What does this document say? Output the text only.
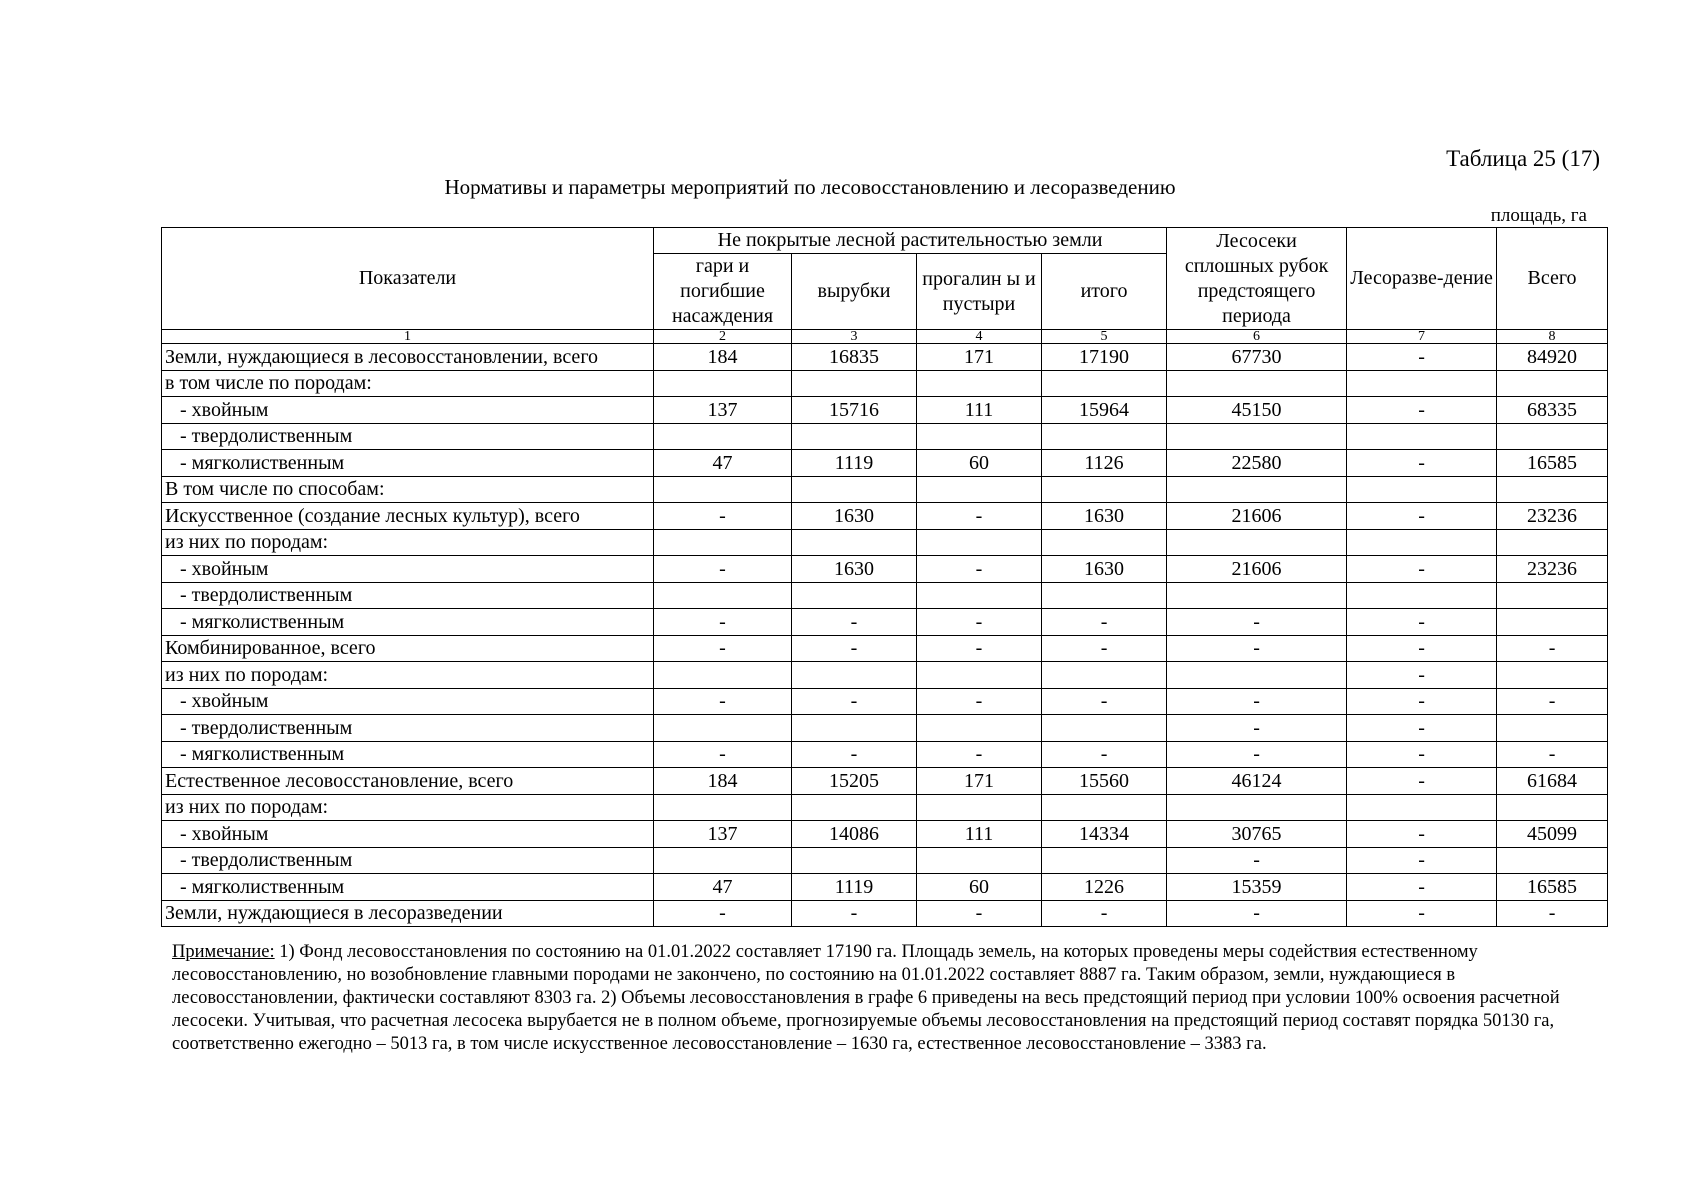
Таблица 25 (17)
Нормативы и параметры мероприятий по лесовосстановлению и лесоразведению
площадь, га
Показатели	Не покрытые лесной растительностью земли				Лесосеки сплошных рубок предстоящего периода	Лесоразве-дение	Всего
	гари и погибшие насаждения	вырубки	прогалин ы и пустыри	итого			
1	2	3	4	5	6	7	8
Земли, нуждающиеся в лесовосстановлении, всего	184	16835	171	17190	67730	-	84920
в том числе по породам:							
- хвойным	137	15716	111	15964	45150	-	68335
- твердолиственным							
- мягколиственным	47	1119	60	1126	22580	-	16585
В том числе по способам:							
Искусственное (создание лесных культур), всего	-	1630	-	1630	21606	-	23236
из них по породам:							
- хвойным	-	1630	-	1630	21606	-	23236
- твердолиственным							
- мягколиственным	-	-	-	-	-	-	
Комбинированное, всего	-	-	-	-	-	-	-
из них по породам:						-	
- хвойным	-	-	-	-	-	-	-
- твердолиственным					-	-	
- мягколиственным	-	-	-	-	-	-	-
Естественное лесовосстановление, всего	184	15205	171	15560	46124	-	61684
из них по породам:							
- хвойным	137	14086	111	14334	30765	-	45099
- твердолиственным					-	-	
- мягколиственным	47	1119	60	1226	15359	-	16585
Земли, нуждающиеся в лесоразведении	-	-	-	-	-	-	-
Примечание: 1) Фонд лесовосстановления по состоянию на 01.01.2022 составляет 17190 га. Площадь земель, на которых проведены меры содействия естественному лесовосстановлению, но возобновление главными породами не закончено, по состоянию на 01.01.2022 составляет 8887 га. Таким образом, земли, нуждающиеся в лесовосстановлении, фактически составляют 8303 га. 2) Объемы лесовосстановления в графе 6 приведены на весь предстоящий период при условии 100% освоения расчетной лесосеки. Учитывая, что расчетная лесосека вырубается не в полном объеме, прогнозируемые объемы лесовосстановления на предстоящий период составят порядка 50130 га, соответственно ежегодно – 5013 га, в том числе искусственное лесовосстановление – 1630 га, естественное лесовосстановление – 3383 га.
